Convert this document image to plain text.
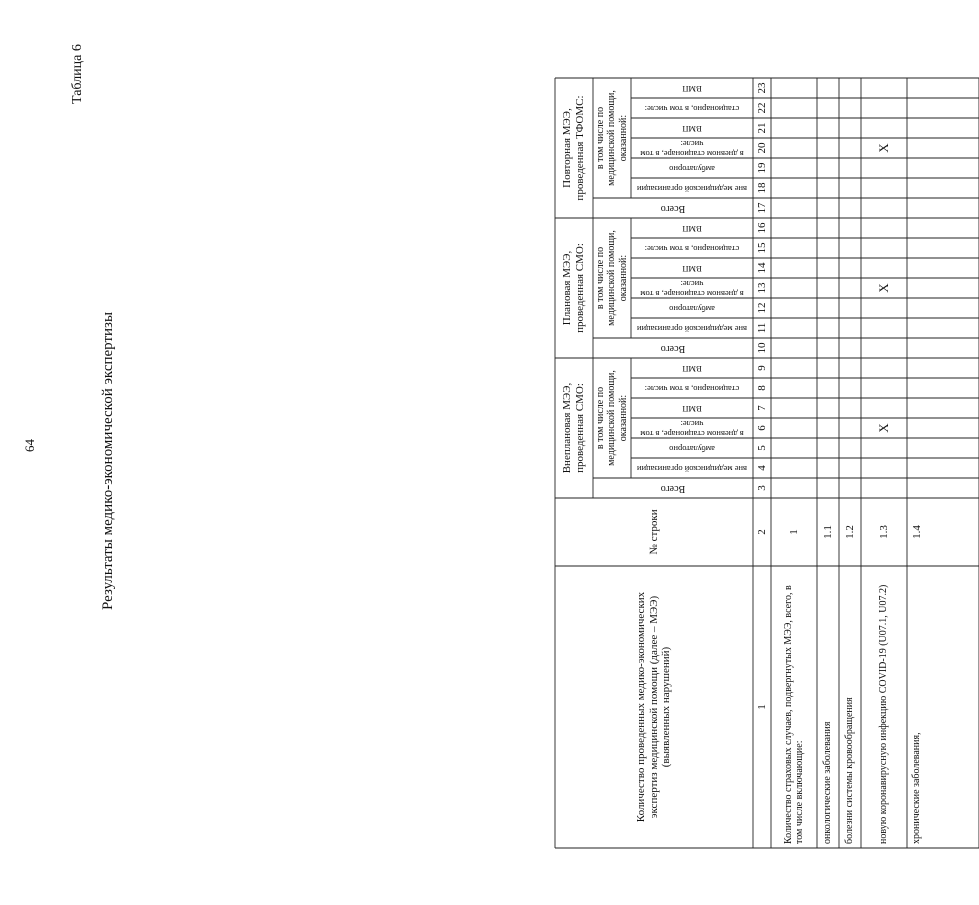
64
Таблица 6
Результаты медико-экономической экспертизы
Количество проведенных медико-экономических экспертиз медицинской помощи (далее – МЭЭ) (выявленных нарушений)
№ строки
Внеплановая МЭЭ, проведенная СМО:
Всего
в том числе по медицинской помощи, оказанной:
вне медицинской организации
амбулаторно
в дневном стационаре, в том числе:
ВМП
стационарно, в том числе:
ВМП
Плановая МЭЭ, проведенная СМО:
Всего
в том числе по медицинской помощи, оказанной:
вне медицинской организации
амбулаторно
в дневном стационаре, в том числе:
ВМП
стационарно, в том числе:
ВМП
Повторная МЭЭ, проведенная ТФОМС:
Всего
в том числе по медицинской помощи, оказанной:
вне медицинской организации
амбулаторно
в дневном стационаре, в том числе:
ВМП
стационарно, в том числе:
ВМП
1
2
3
4
5
6
7
8
9
10
11
12
13
14
15
16
17
18
19
20
21
22
23
Количество страховых случаев, подвергнутых МЭЭ, всего, в том числе включающие:
1
онкологические заболевания
1.1
болезни системы кровообращения
1.2
новую коронавирусную инфекцию COVID-19 (U07.1, U07.2)
1.3
X
X
X
хронические заболевания,
1.4
